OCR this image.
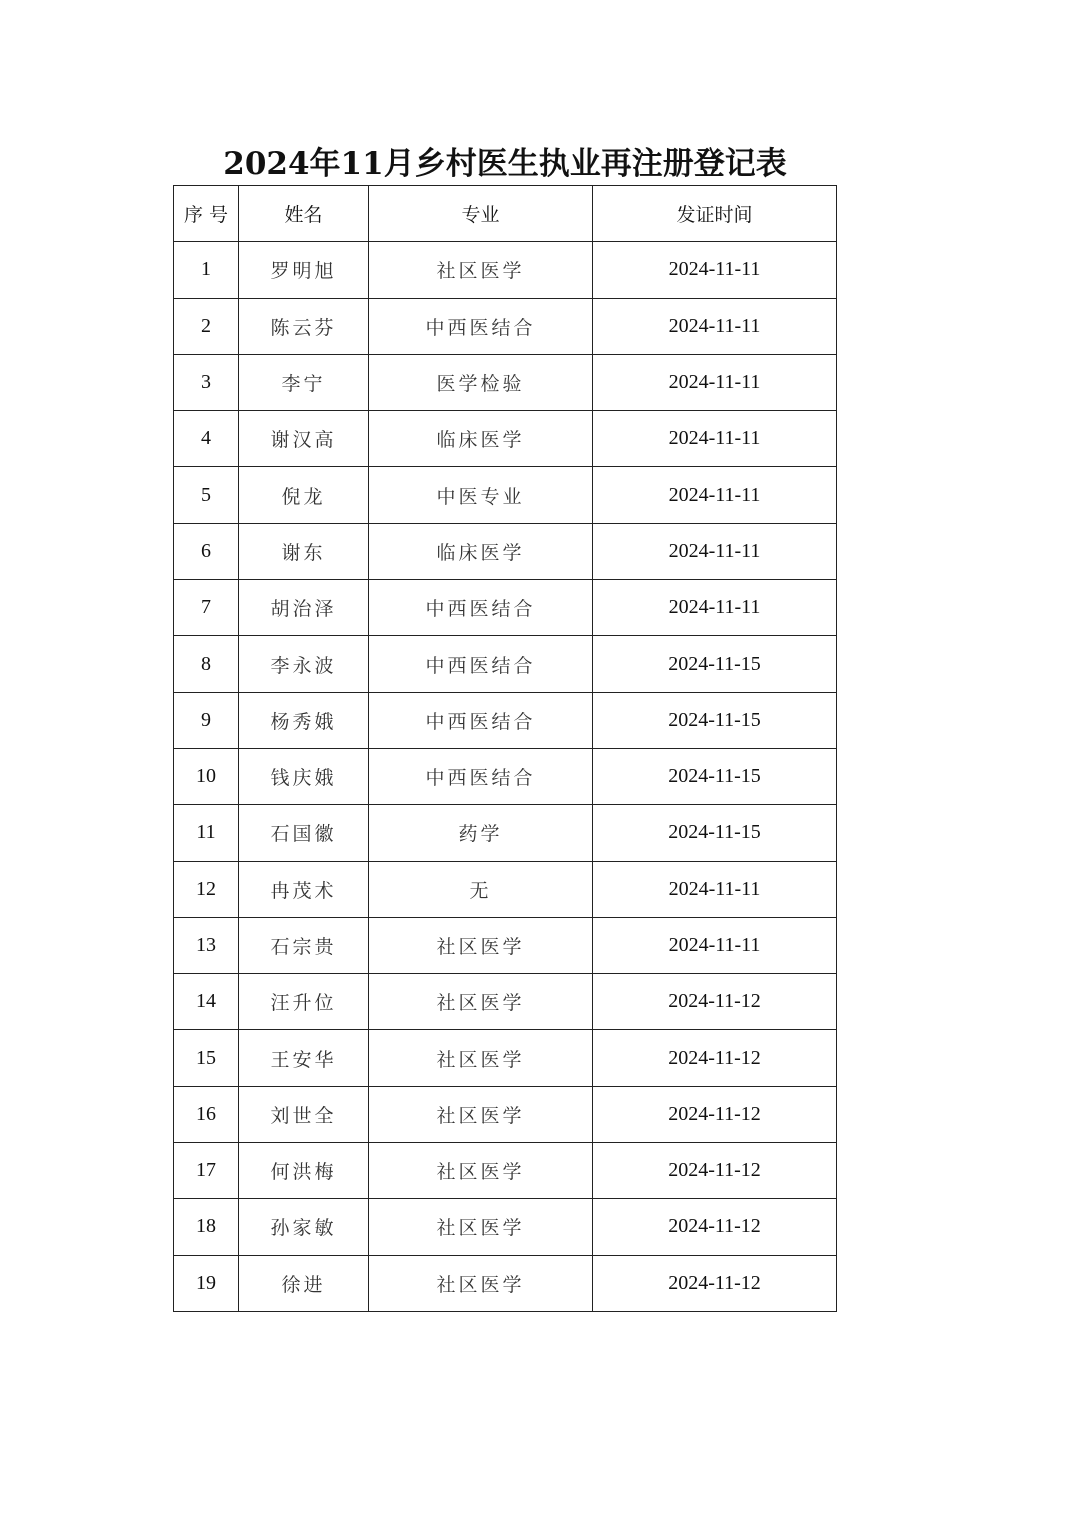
2024年11月乡村医生执业再注册登记表
序 号	姓名	专业	发证时间
1	罗明旭	社区医学	2024-11-11
2	陈云芬	中西医结合	2024-11-11
3	李宁	医学检验	2024-11-11
4	谢汉高	临床医学	2024-11-11
5	倪龙	中医专业	2024-11-11
6	谢东	临床医学	2024-11-11
7	胡治泽	中西医结合	2024-11-11
8	李永波	中西医结合	2024-11-15
9	杨秀娥	中西医结合	2024-11-15
10	钱庆娥	中西医结合	2024-11-15
11	石国徽	药学	2024-11-15
12	冉茂术	无	2024-11-11
13	石宗贵	社区医学	2024-11-11
14	汪升位	社区医学	2024-11-12
15	王安华	社区医学	2024-11-12
16	刘世全	社区医学	2024-11-12
17	何洪梅	社区医学	2024-11-12
18	孙家敏	社区医学	2024-11-12
19	徐进	社区医学	2024-11-12
